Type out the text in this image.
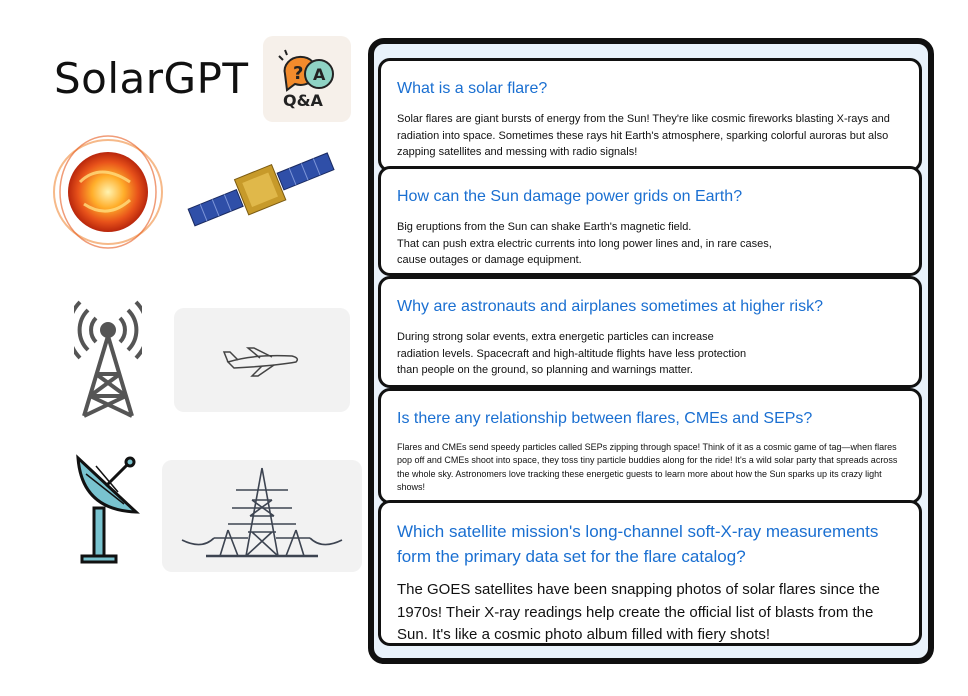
SolarGPT ? A
Q&A

What is a solar flare?

Solar flares are giant bursts of energy from the Sun! They're like cosmic fireworks blasting X-rays and radiation into space. Sometimes these rays hit Earth's atmosphere, sparking colorful auroras but also zapping satellites and messing with radio signals!

How can the Sun damage power grids on Earth?

Big eruptions from the Sun can shake Earth's magnetic field.
That can push extra electric currents into long power lines and, in rare cases,
cause outages or damage equipment.

Why are astronauts and airplanes sometimes at higher risk?

During strong solar events, extra energetic particles can increase
radiation levels. Spacecraft and high-altitude flights have less protection
than people on the ground, so planning and warnings matter.

Is there any relationship between flares, CMEs and SEPs?

Flares and CMEs send speedy particles called SEPs zipping through space! Think of it as a cosmic game of tag—when flares pop off and CMEs shoot into space, they toss tiny particle buddies along for the ride! It's a wild solar party that spreads across the whole sky. Astronomers love tracking these energetic guests to learn more about how the Sun sparks up its crazy light shows!

Which satellite mission's long-channel soft-X-ray measurements form the primary data set for the flare catalog?

The GOES satellites have been snapping photos of solar flares since the 1970s! Their X-ray readings help create the official list of blasts from the Sun. It's like a cosmic photo album filled with fiery shots!
